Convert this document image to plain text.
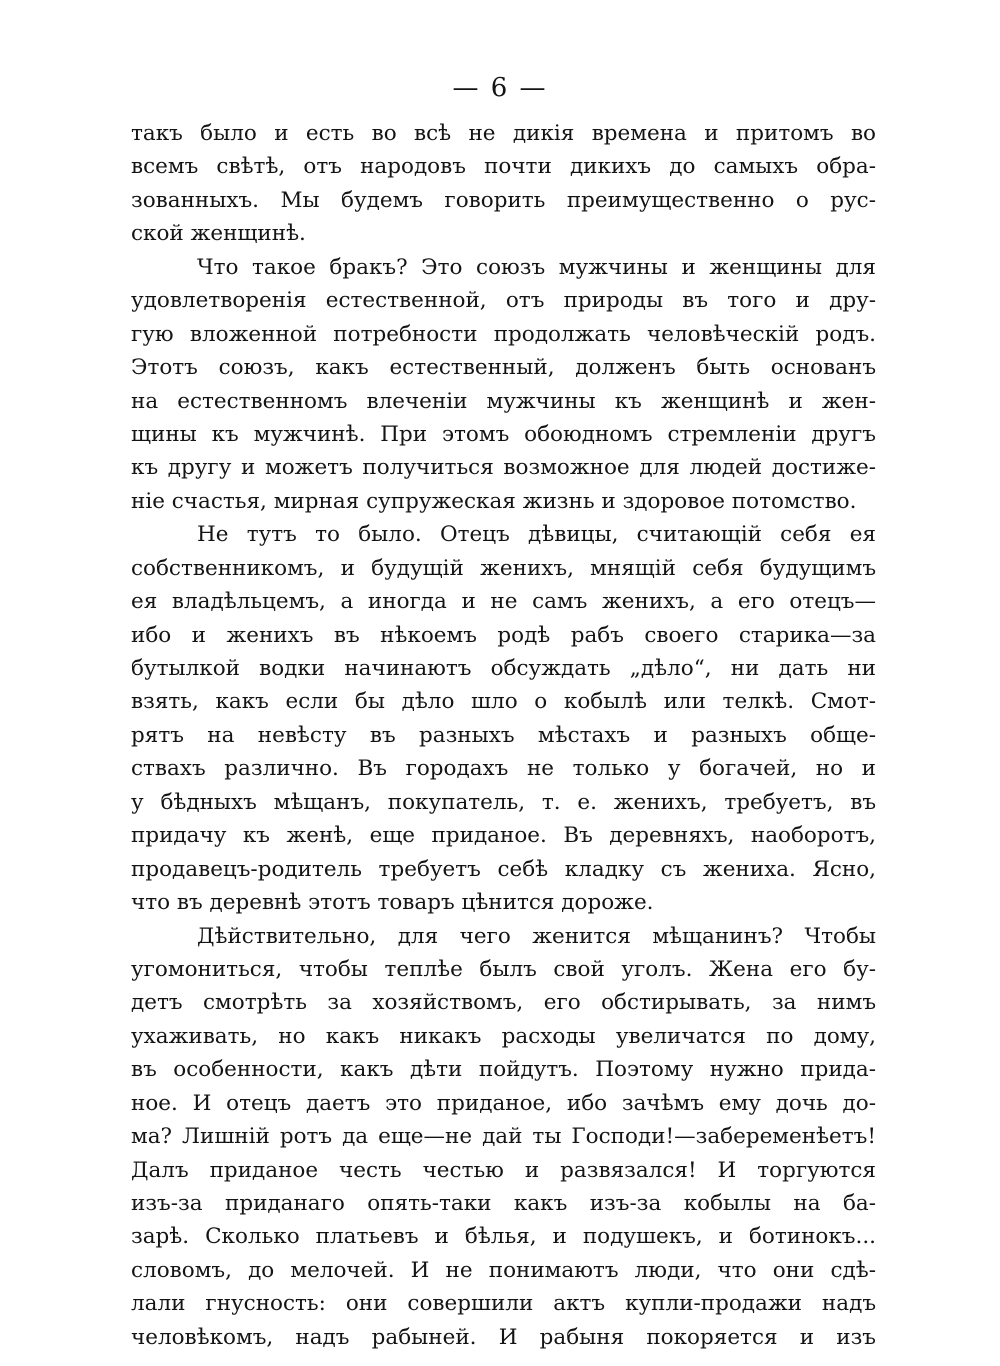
— 6 —
такъ было и есть во всѣ не дикія времена и притомъ во
всемъ свѣтѣ, отъ народовъ почти дикихъ до самыхъ обра-
зованныхъ. Мы будемъ говорить преимущественно о рус-
ской женщинѣ.
Что такое бракъ? Это союзъ мужчины и женщины для
удовлетворенія естественной, отъ природы въ того и дру-
гую вложенной потребности продолжать человѣческій родъ.
Этотъ союзъ, какъ естественный, долженъ быть основанъ
на естественномъ влеченіи мужчины къ женщинѣ и жен-
щины къ мужчинѣ. При этомъ обоюдномъ стремленіи другъ
къ другу и можетъ получиться возможное для людей достиже-
ніе счастья, мирная супружеская жизнь и здоровое потомство.
Не тутъ то было. Отецъ дѣвицы, считающій себя ея
собственникомъ, и будущій женихъ, мнящій себя будущимъ
ея владѣльцемъ, а иногда и не самъ женихъ, а его отецъ—
ибо и женихъ въ нѣкоемъ родѣ рабъ своего старика—за
бутылкой водки начинаютъ обсуждать „дѣло“, ни дать ни
взять, какъ если бы дѣло шло о кобылѣ или телкѣ. Смот-
рятъ на невѣсту въ разныхъ мѣстахъ и разныхъ обще-
ствахъ различно. Въ городахъ не только у богачей, но и
у бѣдныхъ мѣщанъ, покупатель, т. е. женихъ, требуетъ, въ
придачу къ женѣ, еще приданое. Въ деревняхъ, наоборотъ,
продавецъ-родитель требуетъ себѣ кладку съ жениха. Ясно,
что въ деревнѣ этотъ товаръ цѣнится дороже.
Дѣйствительно, для чего женится мѣщанинъ? Чтобы
угомониться, чтобы теплѣе былъ свой уголъ. Жена его бу-
детъ смотрѣть за хозяйствомъ, его обстирывать, за нимъ
ухаживать, но какъ никакъ расходы увеличатся по дому,
въ особенности, какъ дѣти пойдутъ. Поэтому нужно прида-
ное. И отецъ даетъ это приданое, ибо зачѣмъ ему дочь до-
ма? Лишній ротъ да еще—не дай ты Господи!—забеременѣетъ!
Далъ приданое честь честью и развязался! И торгуются
изъ-за приданаго опять-таки какъ изъ-за кобылы на ба-
зарѣ. Сколько платьевъ и бѣлья, и подушекъ, и ботинокъ...
словомъ, до мелочей. И не понимаютъ люди, что они сдѣ-
лали гнусность: они совершили актъ купли-продажи надъ
человѣкомъ, надъ рабыней. И рабыня покоряется и изъ
